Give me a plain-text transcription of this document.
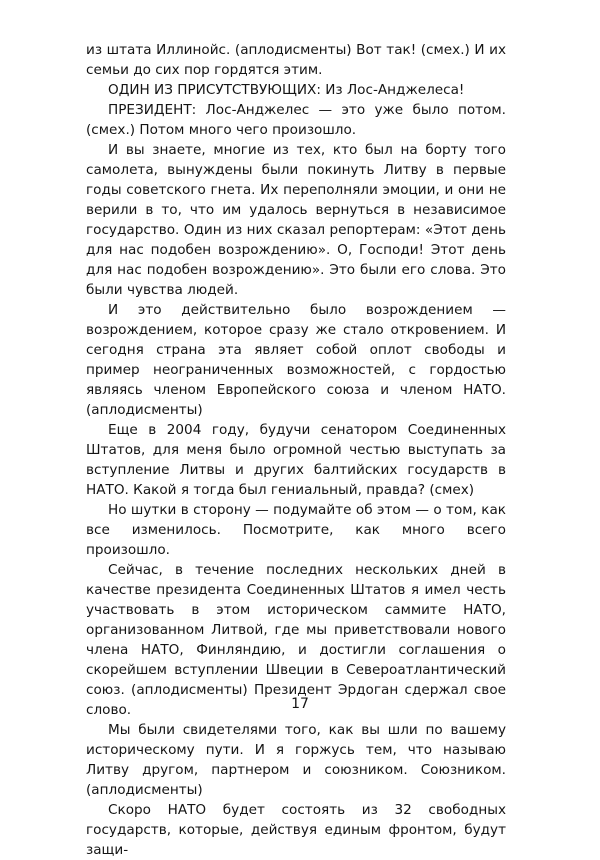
из штата Иллинойс. (аплодисменты) Вот так! (смех.) И их семьи до сих пор гордятся этим.

ОДИН ИЗ ПРИСУТСТВУЮЩИХ: Из Лос-Анджелеса!

ПРЕЗИДЕНТ: Лос-Анджелес — это уже было потом. (смех.) Потом много чего произошло.

И вы знаете, многие из тех, кто был на борту того самолета, вынуждены были покинуть Литву в первые годы советского гнета. Их переполняли эмоции, и они не верили в то, что им удалось вернуться в независимое государство. Один из них сказал репортерам: «Этот день для нас подобен возрождению». О, Господи! Этот день для нас подобен возрождению». Это были его слова. Это были чувства людей.

И это действительно было возрождением — возрождением, которое сразу же стало откровением. И сегодня страна эта являет собой оплот свободы и пример неограниченных возможностей, с гордостью являясь членом Европейского союза и членом НАТО. (аплодисменты)

Еще в 2004 году, будучи сенатором Соединенных Штатов, для меня было огромной честью выступать за вступление Литвы и других балтийских государств в НАТО. Какой я тогда был гениальный, правда? (смех)

Но шутки в сторону — подумайте об этом — о том, как все изменилось. Посмотрите, как много всего произошло.

Сейчас, в течение последних нескольких дней в качестве президента Соединенных Штатов я имел честь участвовать в этом историческом саммите НАТО, организованном Литвой, где мы приветствовали нового члена НАТО, Финляндию, и достигли соглашения о скорейшем вступлении Швеции в Североатлантический союз. (аплодисменты) Президент Эрдоган сдержал свое слово.

Мы были свидетелями того, как вы шли по вашему историческому пути. И я горжусь тем, что называю Литву другом, партнером и союзником. Союзником. (аплодисменты)

Скоро НАТО будет состоять из 32 свободных государств, которые, действуя единым фронтом, будут защи-

17
